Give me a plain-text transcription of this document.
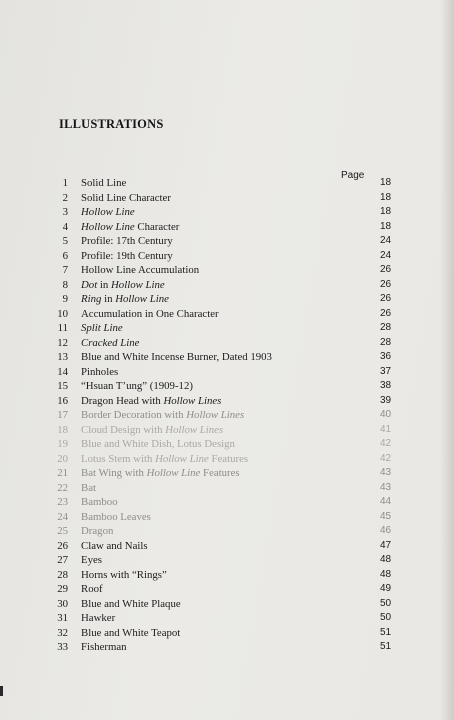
ILLUSTRATIONS
Page
1 Solid Line	18
2 Solid Line Character	18
3 Hollow Line	18
4 Hollow Line Character	18
5 Profile: 17th Century	24
6 Profile: 19th Century	24
7 Hollow Line Accumulation	26
8 Dot in Hollow Line	26
9 Ring in Hollow Line	26
10 Accumulation in One Character	26
11 Split Line	28
12 Cracked Line	28
13 Blue and White Incense Burner, Dated 1903	36
14 Pinholes	37
15 “Hsuan T’ung” (1909-12)	38
16 Dragon Head with Hollow Lines	39
17 Border Decoration with Hollow Lines	40
18 Cloud Design with Hollow Lines	41
19 Blue and White Dish, Lotus Design	42
20 Lotus Stem with Hollow Line Features	42
21 Bat Wing with Hollow Line Features	43
22 Bat	43
23 Bamboo	44
24 Bamboo Leaves	45
25 Dragon	46
26 Claw and Nails	47
27 Eyes	48
28 Horns with “Rings”	48
29 Roof	49
30 Blue and White Plaque	50
31 Hawker	50
32 Blue and White Teapot	51
33 Fisherman	51
